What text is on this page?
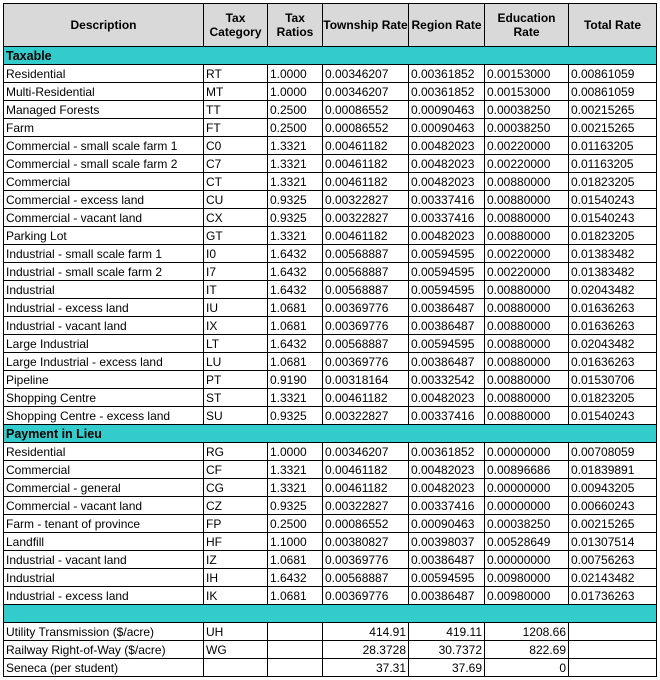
Description	Tax Category	Tax Ratios	Township Rate	Region Rate	Education Rate	Total Rate
Taxable						
Residential	RT	1.0000	0.00346207	0.00361852	0.00153000	0.00861059
Multi-Residential	MT	1.0000	0.00346207	0.00361852	0.00153000	0.00861059
Managed Forests	TT	0.2500	0.00086552	0.00090463	0.00038250	0.00215265
Farm	FT	0.2500	0.00086552	0.00090463	0.00038250	0.00215265
Commercial - small scale farm 1	C0	1.3321	0.00461182	0.00482023	0.00220000	0.01163205
Commercial - small scale farm 2	C7	1.3321	0.00461182	0.00482023	0.00220000	0.01163205
Commercial	CT	1.3321	0.00461182	0.00482023	0.00880000	0.01823205
Commercial - excess land	CU	0.9325	0.00322827	0.00337416	0.00880000	0.01540243
Commercial - vacant land	CX	0.9325	0.00322827	0.00337416	0.00880000	0.01540243
Parking Lot	GT	1.3321	0.00461182	0.00482023	0.00880000	0.01823205
Industrial - small scale farm 1	I0	1.6432	0.00568887	0.00594595	0.00220000	0.01383482
Industrial - small scale farm 2	I7	1.6432	0.00568887	0.00594595	0.00220000	0.01383482
Industrial	IT	1.6432	0.00568887	0.00594595	0.00880000	0.02043482
Industrial - excess land	IU	1.0681	0.00369776	0.00386487	0.00880000	0.01636263
Industrial - vacant land	IX	1.0681	0.00369776	0.00386487	0.00880000	0.01636263
Large Industrial	LT	1.6432	0.00568887	0.00594595	0.00880000	0.02043482
Large Industrial - excess land	LU	1.0681	0.00369776	0.00386487	0.00880000	0.01636263
Pipeline	PT	0.9190	0.00318164	0.00332542	0.00880000	0.01530706
Shopping Centre	ST	1.3321	0.00461182	0.00482023	0.00880000	0.01823205
Shopping Centre - excess land	SU	0.9325	0.00322827	0.00337416	0.00880000	0.01540243
Payment in Lieu						
Residential	RG	1.0000	0.00346207	0.00361852	0.00000000	0.00708059
Commercial	CF	1.3321	0.00461182	0.00482023	0.00896686	0.01839891
Commercial - general	CG	1.3321	0.00461182	0.00482023	0.00000000	0.00943205
Commercial - vacant land	CZ	0.9325	0.00322827	0.00337416	0.00000000	0.00660243
Farm - tenant of province	FP	0.2500	0.00086552	0.00090463	0.00038250	0.00215265
Landfill	HF	1.1000	0.00380827	0.00398037	0.00528649	0.01307514
Industrial - vacant land	IZ	1.0681	0.00369776	0.00386487	0.00000000	0.00756263
Industrial	IH	1.6432	0.00568887	0.00594595	0.00980000	0.02143482
Industrial - excess land	IK	1.0681	0.00369776	0.00386487	0.00980000	0.01736263

Utility Transmission ($/acre)	UH		414.91	419.11	1208.66	
Railway Right-of-Way ($/acre)	WG		28.3728	30.7372	822.69	
Seneca (per student)			37.31	37.69	0	
